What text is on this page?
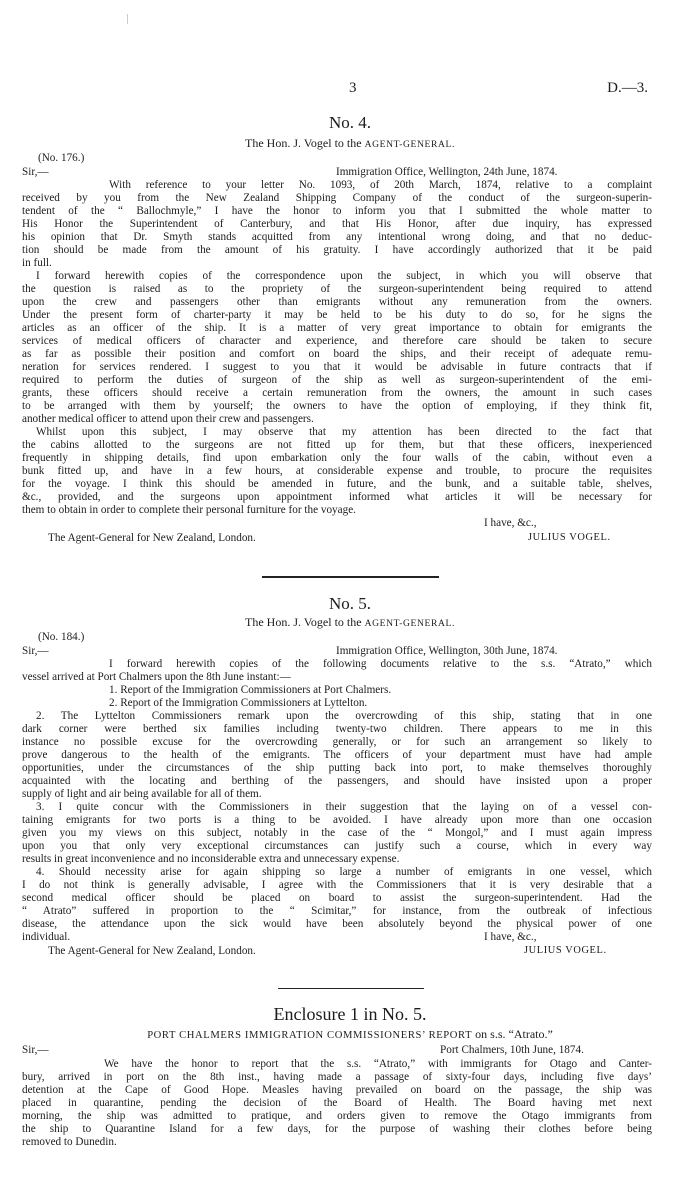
3	D.—3.
No. 4.
The Hon. J. Vogel to the AGENT-GENERAL.
(No. 176.)
Sir,—	Immigration Office, Wellington, 24th June, 1874.
With reference to your letter No. 1093, of 20th March, 1874, relative to a complaint
received by you from the New Zealand Shipping Company of the conduct of the surgeon-superin-
tendent of the “ Ballochmyle,” I have the honor to inform you that I submitted the whole matter to
His Honor the Superintendent of Canterbury, and that His Honor, after due inquiry, has expressed
his opinion that Dr. Smyth stands acquitted from any intentional wrong doing, and that no deduc-
tion should be made from the amount of his gratuity. I have accordingly authorized that it be paid
in full.
I forward herewith copies of the correspondence upon the subject, in which you will observe that
the question is raised as to the propriety of the surgeon-superintendent being required to attend
upon the crew and passengers other than emigrants without any remuneration from the owners.
Under the present form of charter-party it may be held to be his duty to do so, for he signs the
articles as an officer of the ship. It is a matter of very great importance to obtain for emigrants the
services of medical officers of character and experience, and therefore care should be taken to secure
as far as possible their position and comfort on board the ships, and their receipt of adequate remu-
neration for services rendered. I suggest to you that it would be advisable in future contracts that if
required to perform the duties of surgeon of the ship as well as surgeon-superintendent of the emi-
grants, these officers should receive a certain remuneration from the owners, the amount in such cases
to be arranged with them by yourself; the owners to have the option of employing, if they think fit,
another medical officer to attend upon their crew and passengers.
Whilst upon this subject, I may observe that my attention has been directed to the fact that
the cabins allotted to the surgeons are not fitted up for them, but that these officers, inexperienced
frequently in shipping details, find upon embarkation only the four walls of the cabin, without even a
bunk fitted up, and have in a few hours, at considerable expense and trouble, to procure the requisites
for the voyage. I think this should be amended in future, and the bunk, and a suitable table, shelves,
&c., provided, and the surgeons upon appointment informed what articles it will be necessary for
them to obtain in order to complete their personal furniture for the voyage.
I have, &c.,
The Agent-General for New Zealand, London.	JULIUS VOGEL.
No. 5.
The Hon. J. Vogel to the AGENT-GENERAL.
(No. 184.)
Sir,—	Immigration Office, Wellington, 30th June, 1874.
I forward herewith copies of the following documents relative to the s.s. “Atrato,” which
vessel arrived at Port Chalmers upon the 8th June instant:—
1. Report of the Immigration Commissioners at Port Chalmers.
2. Report of the Immigration Commissioners at Lyttelton.
2. The Lyttelton Commissioners remark upon the overcrowding of this ship, stating that in one
dark corner were berthed six families including twenty-two children. There appears to me in this
instance no possible excuse for the overcrowding generally, or for such an arrangement so likely to
prove dangerous to the health of the emigrants. The officers of your department must have had ample
opportunities, under the circumstances of the ship putting back into port, to make themselves thoroughly
acquainted with the locating and berthing of the passengers, and should have insisted upon a proper
supply of light and air being available for all of them.
3. I quite concur with the Commissioners in their suggestion that the laying on of a vessel con-
taining emigrants for two ports is a thing to be avoided. I have already upon more than one occasion
given you my views on this subject, notably in the case of the “ Mongol,” and I must again impress
upon you that only very exceptional circumstances can justify such a course, which in every way
results in great inconvenience and no inconsiderable extra and unnecessary expense.
4. Should necessity arise for again shipping so large a number of emigrants in one vessel, which
I do not think is generally advisable, I agree with the Commissioners that it is very desirable that a
second medical officer should be placed on board to assist the surgeon-superintendent. Had the
“ Atrato” suffered in proportion to the “ Scimitar,” for instance, from the outbreak of infectious
disease, the attendance upon the sick would have been absolutely beyond the physical power of one
individual.	I have, &c.,
The Agent-General for New Zealand, London.	JULIUS VOGEL.
Enclosure 1 in No. 5.
PORT CHALMERS IMMIGRATION COMMISSIONERS’ REPORT on s.s. “Atrato.”
Sir,—	Port Chalmers, 10th June, 1874.
We have the honor to report that the s.s. “Atrato,” with immigrants for Otago and Canter-
bury, arrived in port on the 8th inst., having made a passage of sixty-four days, including five days’
detention at the Cape of Good Hope. Measles having prevailed on board on the passage, the ship was
placed in quarantine, pending the decision of the Board of Health. The Board having met next
morning, the ship was admitted to pratique, and orders given to remove the Otago immigrants from
the ship to Quarantine Island for a few days, for the purpose of washing their clothes before being
removed to Dunedin.
